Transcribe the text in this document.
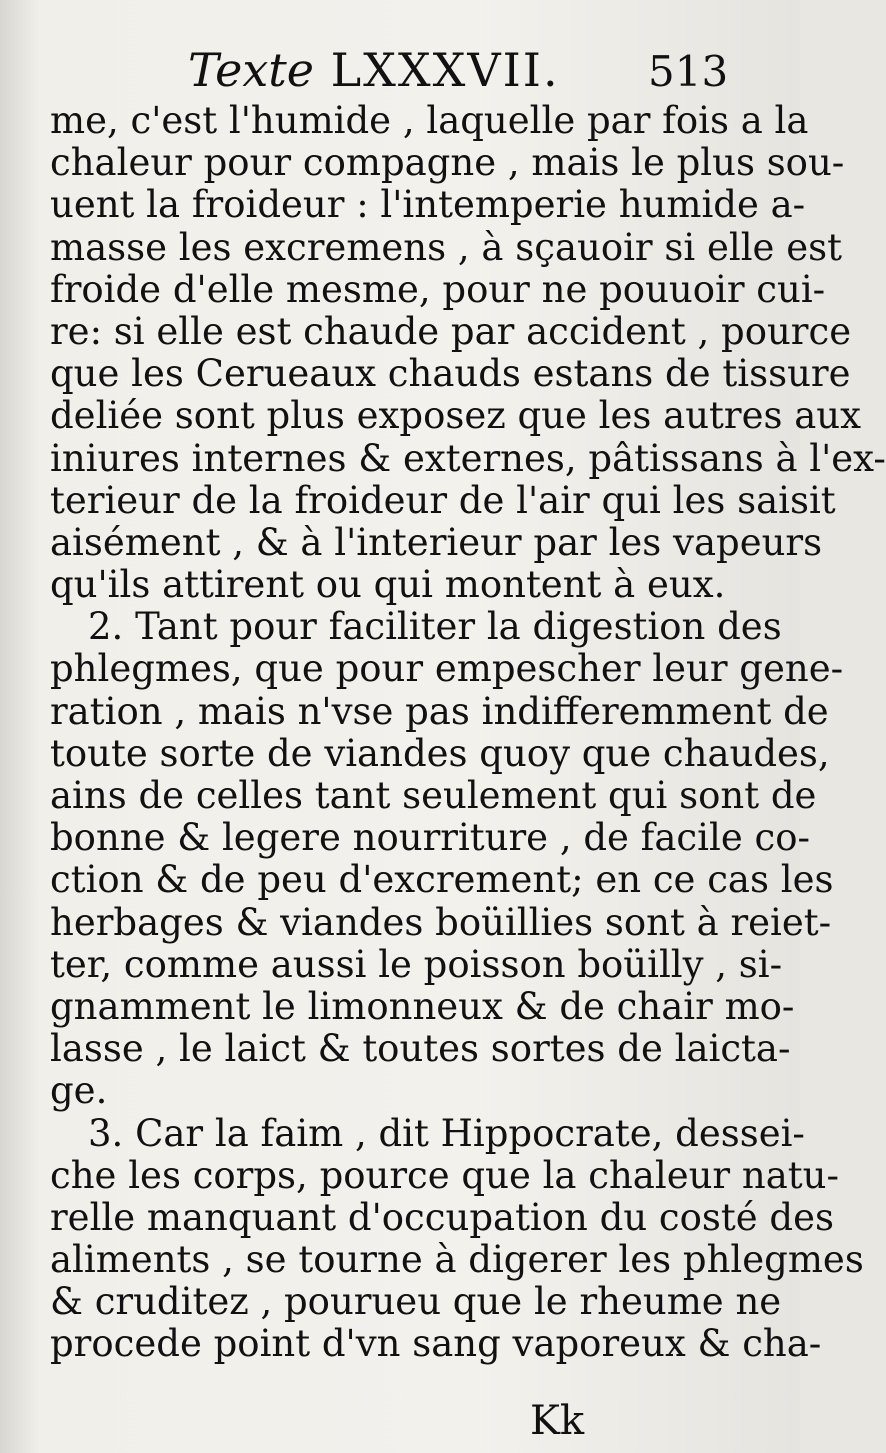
Texte LXXXVII. 513
me, c'est l'humide , laquelle par fois a la
chaleur pour compagne , mais le plus sou-
uent la froideur : l'intemperie humide a-
masse les excremens , à sçauoir si elle est
froide d'elle mesme, pour ne pouuoir cui-
re: si elle est chaude par accident , pource
que les Cerueaux chauds estans de tissure
deliée sont plus exposez que les autres aux
iniures internes & externes, pâtissans à l'ex-
terieur de la froideur de l'air qui les saisit
aisément , & à l'interieur par les vapeurs
qu'ils attirent ou qui montent à eux.
2. Tant pour faciliter la digestion des
phlegmes, que pour empescher leur gene-
ration , mais n'vse pas indifferemment de
toute sorte de viandes quoy que chaudes,
ains de celles tant seulement qui sont de
bonne & legere nourriture , de facile co-
ction & de peu d'excrement; en ce cas les
herbages & viandes boüillies sont à reiet-
ter, comme aussi le poisson boüilly , si-
gnamment le limonneux & de chair mo-
lasse , le laict & toutes sortes de laicta-
ge.
3. Car la faim , dit Hippocrate, dessei-
che les corps, pource que la chaleur natu-
relle manquant d'occupation du costé des
aliments , se tourne à digerer les phlegmes
& cruditez , pourueu que le rheume ne
procede point d'vn sang vaporeux & cha-
Kk
